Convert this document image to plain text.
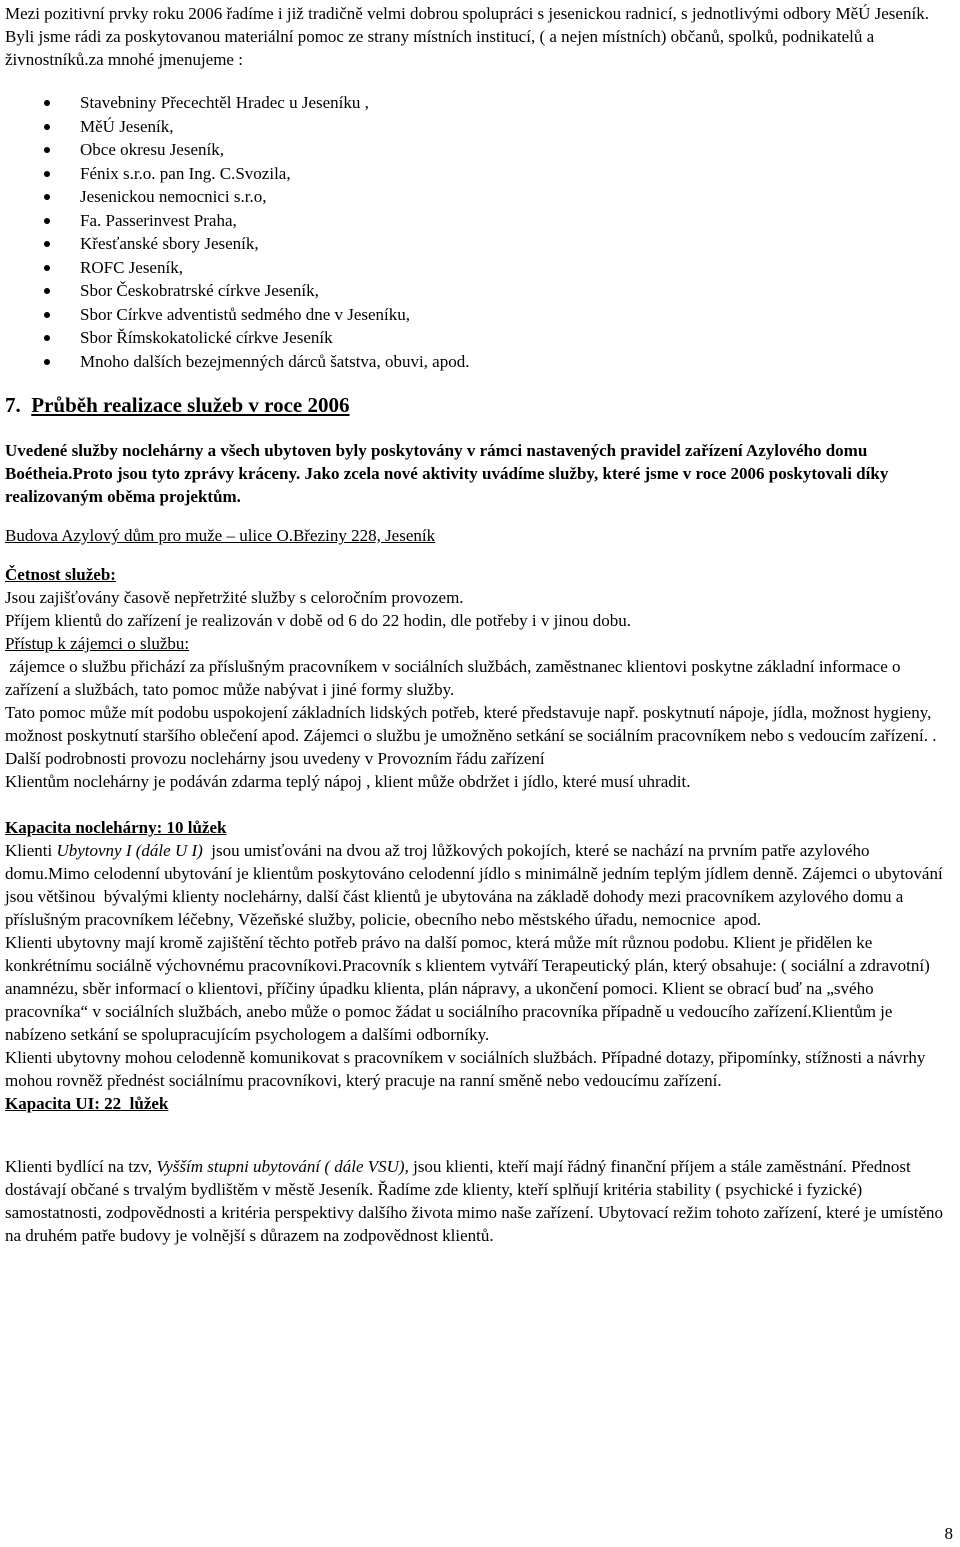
Mezi pozitivní prvky roku 2006 řadíme i již tradičně velmi dobrou spolupráci s jesenickou radnicí, s jednotlivými odbory MěÚ Jeseník.

Byli jsme rádi za poskytovanou materiální pomoc ze strany místních institucí, ( a nejen místních) občanů, spolků, podnikatelů a živnostníků.za mnohé jmenujeme :

Stavebniny Přecechtěl Hradec u Jeseníku ,
MěÚ Jeseník,
Obce okresu Jeseník,
Fénix s.r.o. pan Ing. C.Svozila,
Jesenickou nemocnici s.r.o,
Fa. Passerinvest Praha,
Křesťanské sbory Jeseník,
ROFC Jeseník,
Sbor Českobratrské církve Jeseník,
Sbor Církve adventistů sedmého dne v Jeseníku,
Sbor Římskokatolické církve Jeseník
Mnoho dalších bezejmenných dárců šatstva, obuvi, apod.
7. Průběh realizace služeb v roce 2006

Uvedené služby noclehárny a všech ubytoven byly poskytovány v rámci nastavených pravidel zařízení Azylového domu Boétheia.Proto jsou tyto zprávy kráceny. Jako zcela nové aktivity uvádíme služby, které jsme v roce 2006 poskytovali díky realizovaným oběma projektům.

Budova Azylový dům pro muže – ulice O.Březiny 228, Jeseník

Četnost služeb:

Jsou zajišťovány časově nepřetržité služby s celoročním provozem.

Příjem klientů do zařízení je realizován v době od 6 do 22 hodin, dle potřeby i v jinou dobu.

Přístup k zájemci o službu:

zájemce o službu přichází za příslušným pracovníkem v sociálních službách, zaměstnanec klientovi poskytne základní informace o zařízení a službách, tato pomoc může nabývat i jiné formy služby.

Tato pomoc může mít podobu uspokojení základních lidských potřeb, které představuje např. poskytnutí nápoje, jídla, možnost hygieny, možnost poskytnutí staršího oblečení apod. Zájemci o službu je umožněno setkání se sociálním pracovníkem nebo s vedoucím zařízení. .

Další podrobnosti provozu noclehárny jsou uvedeny v Provozním řádu zařízení

Klientům noclehárny je podáván zdarma teplý nápoj , klient může obdržet i jídlo, které musí uhradit.

Kapacita noclehárny: 10 lůžek

Klienti Ubytovny I (dále U I)  jsou umisťováni na dvou až troj lůžkových pokojích, které se nachází na prvním patře azylového domu.Mimo celodenní ubytování je klientům poskytováno celodenní jídlo s minimálně jedním teplým jídlem denně. Zájemci o ubytování jsou většinou  bývalými klienty noclehárny, další část klientů je ubytována na základě dohody mezi pracovníkem azylového domu a příslušným pracovníkem léčebny, Vězeňské služby, policie, obecního nebo městského úřadu, nemocnice  apod.

Klienti ubytovny mají kromě zajištění těchto potřeb právo na další pomoc, která může mít různou podobu. Klient je přidělen ke konkrétnímu sociálně výchovnému pracovníkovi.Pracovník s klientem vytváří Terapeutický plán, který obsahuje: ( sociální a zdravotní) anamnézu, sběr informací o klientovi, příčiny úpadku klienta, plán nápravy, a ukončení pomoci. Klient se obrací buď na „svého pracovníka“ v sociálních službách, anebo může o pomoc žádat u sociálního pracovníka případně u vedoucího zařízení.Klientům je nabízeno setkání se spolupracujícím psychologem a dalšími odborníky.

Klienti ubytovny mohou celodenně komunikovat s pracovníkem v sociálních službách. Případné dotazy, připomínky, stížnosti a návrhy mohou rovněž přednést sociálnímu pracovníkovi, který pracuje na ranní směně nebo vedoucímu zařízení.

Kapacita UI: 22  lůžek

Klienti bydlící na tzv, Vyšším stupni ubytování ( dále VSU), jsou klienti, kteří mají řádný finanční příjem a stále zaměstnání. Přednost dostávají občané s trvalým bydlištěm v městě Jeseník. Řadíme zde klienty, kteří splňují kritéria stability ( psychické i fyzické) samostatnosti, zodpovědnosti a kritéria perspektivy dalšího života mimo naše zařízení. Ubytovací režim tohoto zařízení, které je umístěno na druhém patře budovy je volnější s důrazem na zodpovědnost klientů.

8
